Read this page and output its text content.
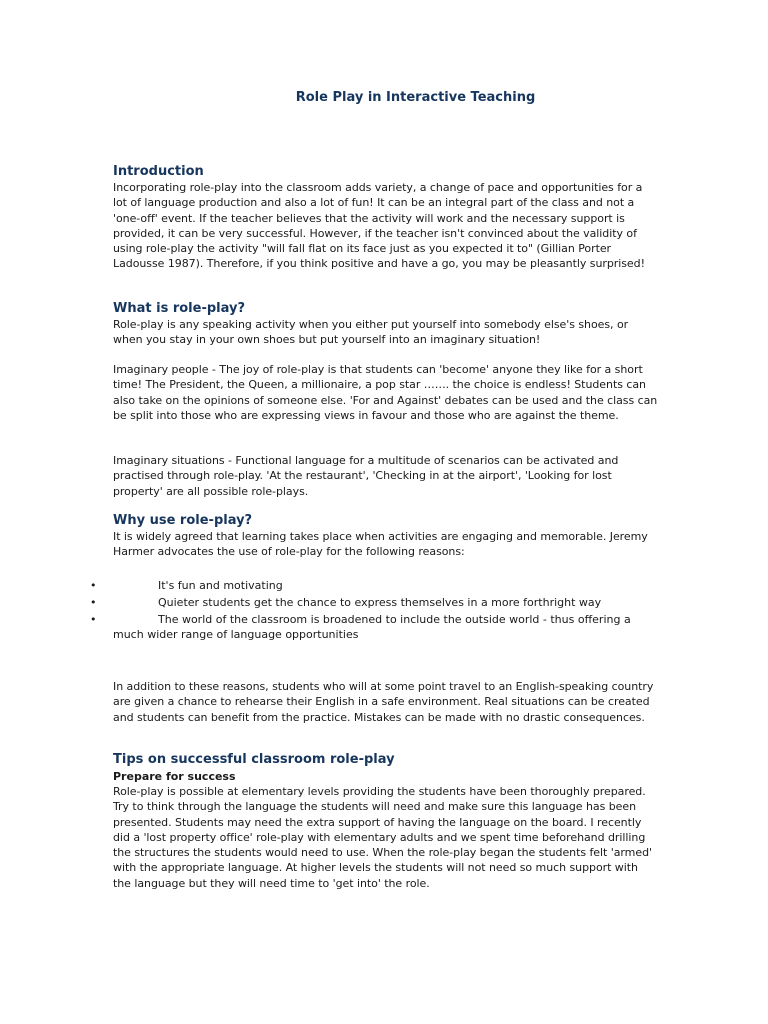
Role Play in Interactive Teaching
Introduction

Incorporating role-play into the classroom adds variety, a change of pace and opportunities for a lot of language production and also a lot of fun! It can be an integral part of the class and not a 'one-off' event. If the teacher believes that the activity will work and the necessary support is provided, it can be very successful. However, if the teacher isn't convinced about the validity of using role-play the activity "will fall flat on its face just as you expected it to" (Gillian Porter Ladousse 1987). Therefore, if you think positive and have a go, you may be pleasantly surprised!

What is role-play?

Role-play is any speaking activity when you either put yourself into somebody else's shoes, or when you stay in your own shoes but put yourself into an imaginary situation!

Imaginary people - The joy of role-play is that students can 'become' anyone they like for a short time! The President, the Queen, a millionaire, a pop star ……. the choice is endless! Students can also take on the opinions of someone else. 'For and Against' debates can be used and the class can be split into those who are expressing views in favour and those who are against the theme.

Imaginary situations - Functional language for a multitude of scenarios can be activated and practised through role-play. 'At the restaurant', 'Checking in at the airport', 'Looking for lost property' are all possible role-plays.

Why use role-play?

It is widely agreed that learning takes place when activities are engaging and memorable. Jeremy Harmer advocates the use of role-play for the following reasons:

•	It's fun and motivating
•	Quieter students get the chance to express themselves in a more forthright way
•	The world of the classroom is broadened to include the outside world - thus offering a much wider range of language opportunities

In addition to these reasons, students who will at some point travel to an English-speaking country are given a chance to rehearse their English in a safe environment. Real situations can be created and students can benefit from the practice. Mistakes can be made with no drastic consequences.

Tips on successful classroom role-play
Prepare for success

Role-play is possible at elementary levels providing the students have been thoroughly prepared. Try to think through the language the students will need and make sure this language has been presented. Students may need the extra support of having the language on the board. I recently did a 'lost property office' role-play with elementary adults and we spent time beforehand drilling the structures the students would need to use. When the role-play began the students felt 'armed' with the appropriate language. At higher levels the students will not need so much support with the language but they will need time to 'get into' the role.
